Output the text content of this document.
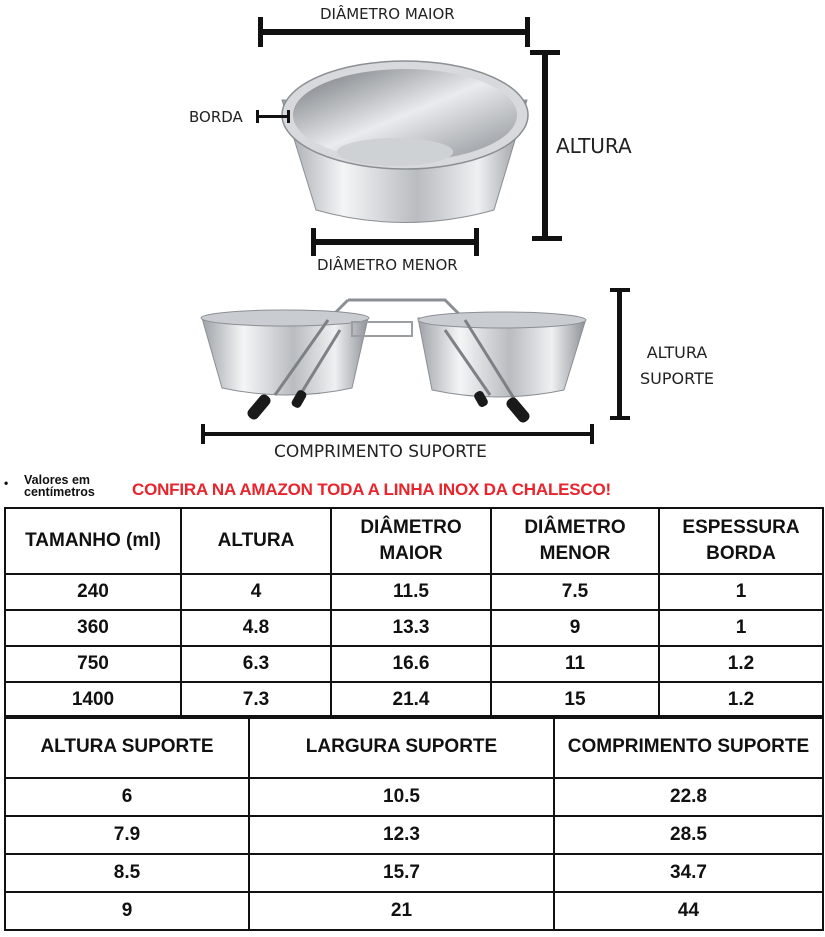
DIÂMETRO MAIOR
BORDA
ALTURA
DIÂMETRO MENOR
ALTURA SUPORTE
COMPRIMENTO SUPORTE
• Valores em centímetros	CONFIRA NA AMAZON TODA A LINHA INOX DA CHALESCO!
TAMANHO (ml)	ALTURA	DIÂMETRO MAIOR	DIÂMETRO MENOR	ESPESSURA BORDA
240	4	11.5	7.5	1
360	4.8	13.3	9	1
750	6.3	16.6	11	1.2
1400	7.3	21.4	15	1.2
ALTURA SUPORTE	LARGURA SUPORTE	COMPRIMENTO SUPORTE
6	10.5	22.8
7.9	12.3	28.5
8.5	15.7	34.7
9	21	44
